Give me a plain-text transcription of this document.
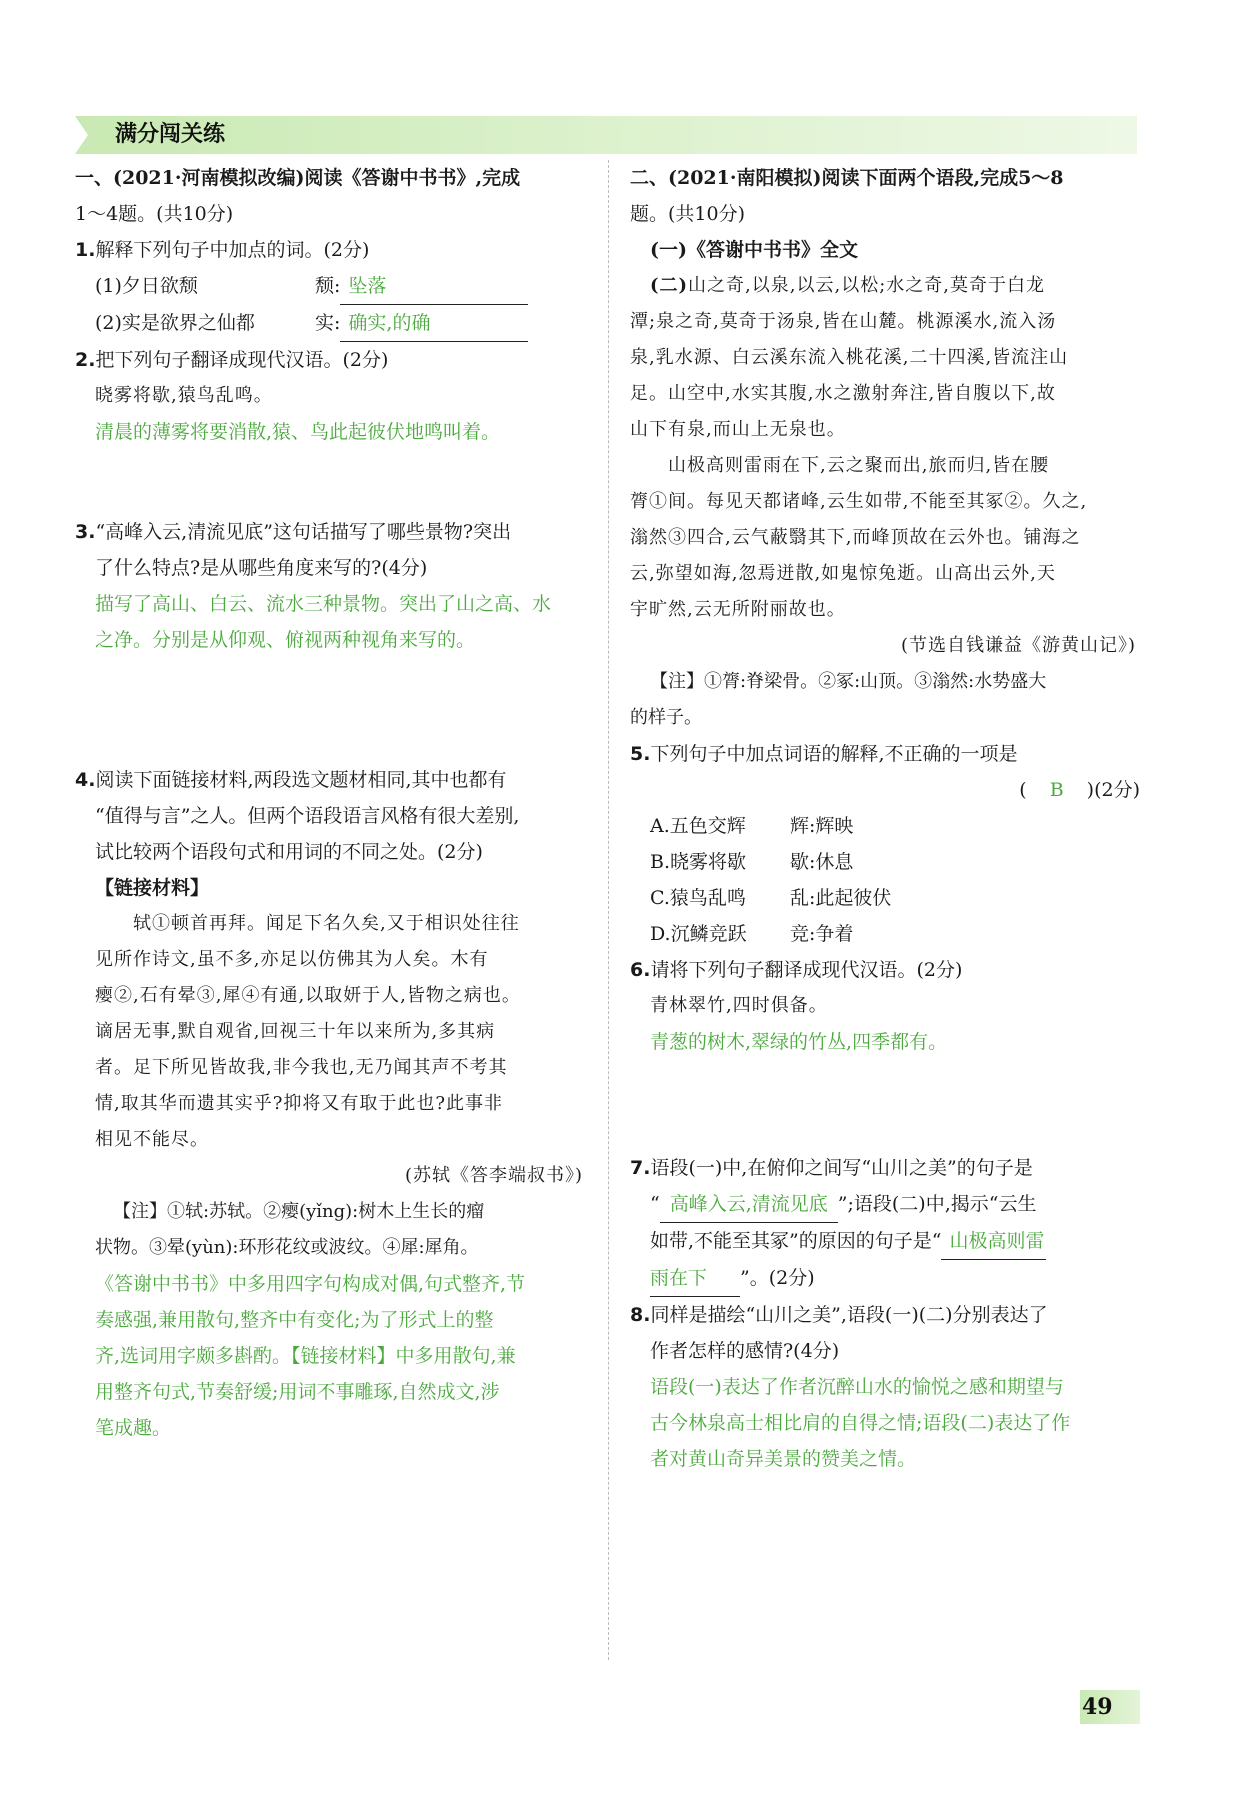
满分闯关练
一、(2021·河南模拟改编)阅读《答谢中书书》,完成
1～4题。(共10分)
1.解释下列句子中加点的词。(2分)
(1)夕日欲颓	颓: 坠落
(2)实是欲界之仙都	实: 确实,的确
2.把下列句子翻译成现代汉语。(2分)
晓雾将歇,猿鸟乱鸣。
清晨的薄雾将要消散,猿、鸟此起彼伏地鸣叫着。
3.“高峰入云,清流见底”这句话描写了哪些景物?突出
了什么特点?是从哪些角度来写的?(4分)
描写了高山、白云、流水三种景物。突出了山之高、水
之净。分别是从仰观、俯视两种视角来写的。
4.阅读下面链接材料,两段选文题材相同,其中也都有
“值得与言”之人。但两个语段语言风格有很大差别,
试比较两个语段句式和用词的不同之处。(2分)
【链接材料】
轼①顿首再拜。闻足下名久矣,又于相识处往往
见所作诗文,虽不多,亦足以仿佛其为人矣。木有
瘿②,石有晕③,犀④有通,以取妍于人,皆物之病也。
谪居无事,默自观省,回视三十年以来所为,多其病
者。足下所见皆故我,非今我也,无乃闻其声不考其
情,取其华而遗其实乎?抑将又有取于此也?此事非
相见不能尽。
(苏轼《答李端叔书》)
【注】①轼:苏轼。②瘿(yǐng):树木上生长的瘤
状物。③晕(yùn):环形花纹或波纹。④犀:犀角。
《答谢中书书》中多用四字句构成对偶,句式整齐,节
奏感强,兼用散句,整齐中有变化;为了形式上的整
齐,选词用字颇多斟酌。【链接材料】中多用散句,兼
用整齐句式,节奏舒缓;用词不事雕琢,自然成文,涉
笔成趣。
二、(2021·南阳模拟)阅读下面两个语段,完成5～8
题。(共10分)
(一)《答谢中书书》全文
(二)山之奇,以泉,以云,以松;水之奇,莫奇于白龙
潭;泉之奇,莫奇于汤泉,皆在山麓。桃源溪水,流入汤
泉,乳水源、白云溪东流入桃花溪,二十四溪,皆流注山
足。山空中,水实其腹,水之激射奔注,皆自腹以下,故
山下有泉,而山上无泉也。
山极高则雷雨在下,云之聚而出,旅而归,皆在腰
膂①间。每见天都诸峰,云生如带,不能至其冢②。久之,
滃然③四合,云气蔽翳其下,而峰顶故在云外也。铺海之
云,弥望如海,忽焉迸散,如鬼惊兔逝。山高出云外,天
宇旷然,云无所附丽故也。
(节选自钱谦益《游黄山记》)
【注】①膂:脊梁骨。②冢:山顶。③滃然:水势盛大
的样子。
5.下列句子中加点词语的解释,不正确的一项是
( B )(2分)
A.五色交辉 辉:辉映
B.晓雾将歇 歇:休息
C.猿鸟乱鸣 乱:此起彼伏
D.沉鳞竞跃 竞:争着
6.请将下列句子翻译成现代汉语。(2分)
青林翠竹,四时俱备。
青葱的树木,翠绿的竹丛,四季都有。
7.语段(一)中,在俯仰之间写“山川之美”的句子是
“ 高峰入云,清流见底 ”;语段(二)中,揭示“云生
如带,不能至其冢”的原因的句子是“ 山极高则雷
雨在下 ”。(2分)
8.同样是描绘“山川之美”,语段(一)(二)分别表达了
作者怎样的感情?(4分)
语段(一)表达了作者沉醉山水的愉悦之感和期望与
古今林泉高士相比肩的自得之情;语段(二)表达了作
者对黄山奇异美景的赞美之情。
49
